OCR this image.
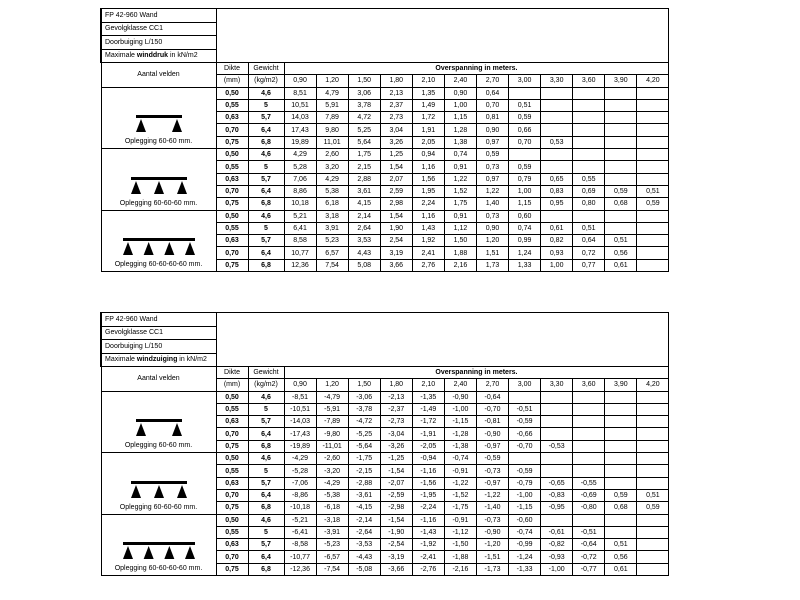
FP 42-960 Wand														
Gevolgklasse CC1														
Doorbuiging L/150														
Maximale winddruk in kN/m2														
Aantal velden	Dikte	Gewicht	Overspanning in meters.											
	(mm)	(kg/m2)	0,90	1,20	1,50	1,80	2,10	2,40	2,70	3,00	3,30	3,60	3,90	4,20

Oplegging 60-60 mm.	0,50	4,6	8,51	4,79	3,06	2,13	1,35	0,90	0,64					
	0,55	5	10,51	5,91	3,78	2,37	1,49	1,00	0,70	0,51				
	0,63	5,7	14,03	7,89	4,72	2,73	1,72	1,15	0,81	0,59				
	0,70	6,4	17,43	9,80	5,25	3,04	1,91	1,28	0,90	0,66				
	0,75	6,8	19,89	11,01	5,64	3,26	2,05	1,38	0,97	0,70	0,53			

Oplegging 60-60-60 mm.	0,50	4,6	4,29	2,60	1,75	1,25	0,94	0,74	0,59					
	0,55	5	5,28	3,20	2,15	1,54	1,16	0,91	0,73	0,59				
	0,63	5,7	7,06	4,29	2,88	2,07	1,56	1,22	0,97	0,79	0,65	0,55		
	0,70	6,4	8,86	5,38	3,61	2,59	1,95	1,52	1,22	1,00	0,83	0,69	0,59	0,51
	0,75	6,8	10,18	6,18	4,15	2,98	2,24	1,75	1,40	1,15	0,95	0,80	0,68	0,59

Oplegging 60-60-60-60 mm.	0,50	4,6	5,21	3,18	2,14	1,54	1,16	0,91	0,73	0,60				
	0,55	5	6,41	3,91	2,64	1,90	1,43	1,12	0,90	0,74	0,61	0,51		
	0,63	5,7	8,58	5,23	3,53	2,54	1,92	1,50	1,20	0,99	0,82	0,64	0,51	
	0,70	6,4	10,77	6,57	4,43	3,19	2,41	1,88	1,51	1,24	0,93	0,72	0,56	
	0,75	6,8	12,36	7,54	5,08	3,66	2,76	2,16	1,73	1,33	1,00	0,77	0,61	
FP 42-960 Wand														
Gevolgklasse CC1														
Doorbuiging L/150														
Maximale windzuiging in kN/m2														
Aantal velden	Dikte	Gewicht	Overspanning in meters.											
	(mm)	(kg/m2)	0,90	1,20	1,50	1,80	2,10	2,40	2,70	3,00	3,30	3,60	3,90	4,20

Oplegging 60-60 mm.	0,50	4,6	-8,51	-4,79	-3,06	-2,13	-1,35	-0,90	-0,64					
	0,55	5	-10,51	-5,91	-3,78	-2,37	-1,49	-1,00	-0,70	-0,51				
	0,63	5,7	-14,03	-7,89	-4,72	-2,73	-1,72	-1,15	-0,81	-0,59				
	0,70	6,4	-17,43	-9,80	-5,25	-3,04	-1,91	-1,28	-0,90	-0,66				
	0,75	6,8	-19,89	-11,01	-5,64	-3,26	-2,05	-1,38	-0,97	-0,70	-0,53			

Oplegging 60-60-60 mm.	0,50	4,6	-4,29	-2,60	-1,75	-1,25	-0,94	-0,74	-0,59					
	0,55	5	-5,28	-3,20	-2,15	-1,54	-1,16	-0,91	-0,73	-0,59				
	0,63	5,7	-7,06	-4,29	-2,88	-2,07	-1,56	-1,22	-0,97	-0,79	-0,65	-0,55		
	0,70	6,4	-8,86	-5,38	-3,61	-2,59	-1,95	-1,52	-1,22	-1,00	-0,83	-0,69	0,59	0,51
	0,75	6,8	-10,18	-6,18	-4,15	-2,98	-2,24	-1,75	-1,40	-1,15	-0,95	-0,80	0,68	0,59

Oplegging 60-60-60-60 mm.	0,50	4,6	-5,21	-3,18	-2,14	-1,54	-1,16	-0,91	-0,73	-0,60				
	0,55	5	-6,41	-3,91	-2,64	-1,90	-1,43	-1,12	-0,90	-0,74	-0,61	-0,51		
	0,63	5,7	-8,58	-5,23	-3,53	-2,54	-1,92	-1,50	-1,20	-0,99	-0,82	-0,64	0,51	
	0,70	6,4	-10,77	-6,57	-4,43	-3,19	-2,41	-1,88	-1,51	-1,24	-0,93	-0,72	0,56	
	0,75	6,8	-12,36	-7,54	-5,08	-3,66	-2,76	-2,16	-1,73	-1,33	-1,00	-0,77	0,61	
